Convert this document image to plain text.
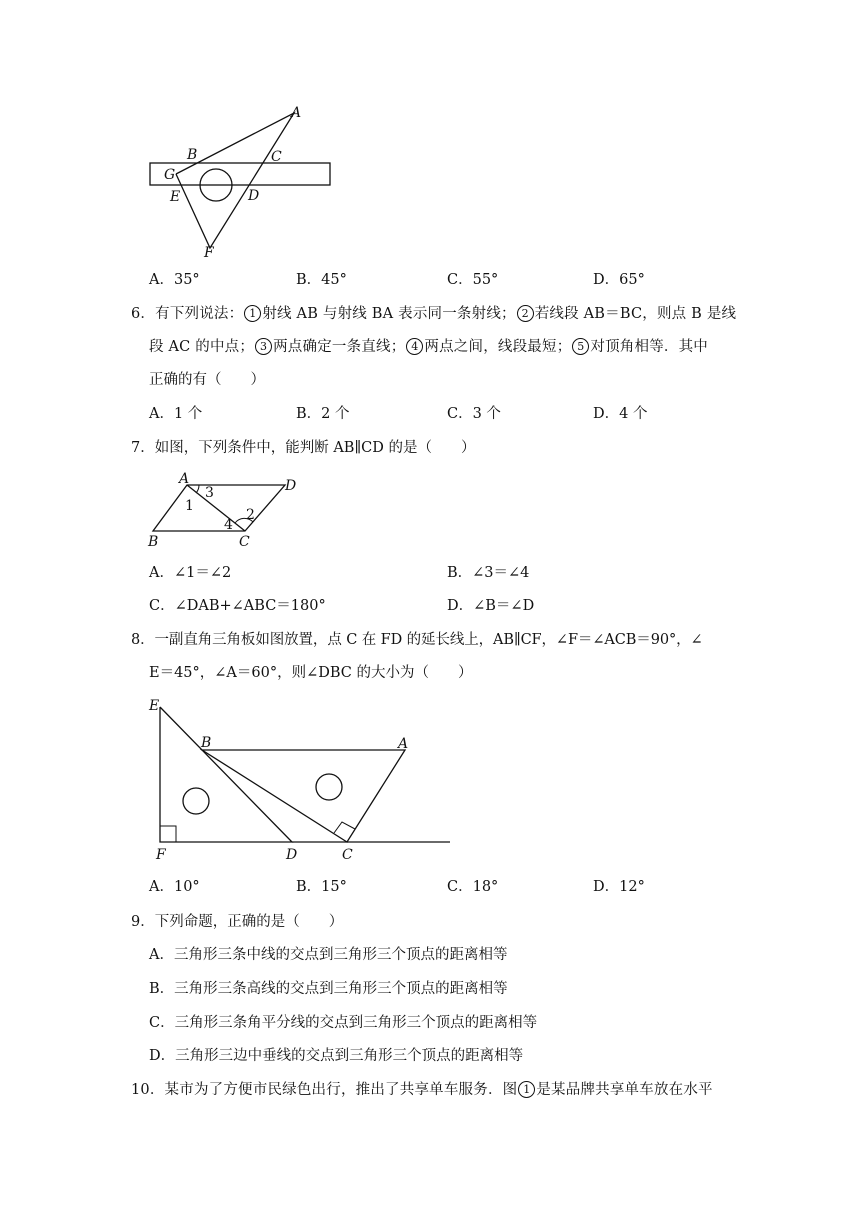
A
B	C
G
E	D
F
A．35°	B．45°	C．55°	D．65°
6．有下列说法： 1 射线 AB 与射线 BA 表示同一条射线； 2 若线段 AB＝BC，则点 B 是线
段 AC 的中点； 3 两点确定一条直线； 4 两点之间，线段最短； 5 对顶角相等．其中
正确的有（　　）
A．1 个	B．2 个	C．3 个	D．4 个
7．如图，下列条件中，能判断 AB∥CD 的是（　　）
A	D
B	C
3
1
2
4
A．∠1＝∠2	B．∠3＝∠4
C．∠DAB+∠ABC＝180°	D．∠B＝∠D
8．一副直角三角板如图放置，点 C 在 FD 的延长线上，AB∥CF，∠F＝∠ACB＝90°，∠
E＝45°，∠A＝60°，则∠DBC 的大小为（　　）
E
B	A
F	D	C
A．10°	B．15°	C．18°	D．12°
9．下列命题，正确的是（　　）
A．三角形三条中线的交点到三角形三个顶点的距离相等
B．三角形三条高线的交点到三角形三个顶点的距离相等
C．三角形三条角平分线的交点到三角形三个顶点的距离相等
D．三角形三边中垂线的交点到三角形三个顶点的距离相等
10．某市为了方便市民绿色出行，推出了共享单车服务．图 1 是某品牌共享单车放在水平
